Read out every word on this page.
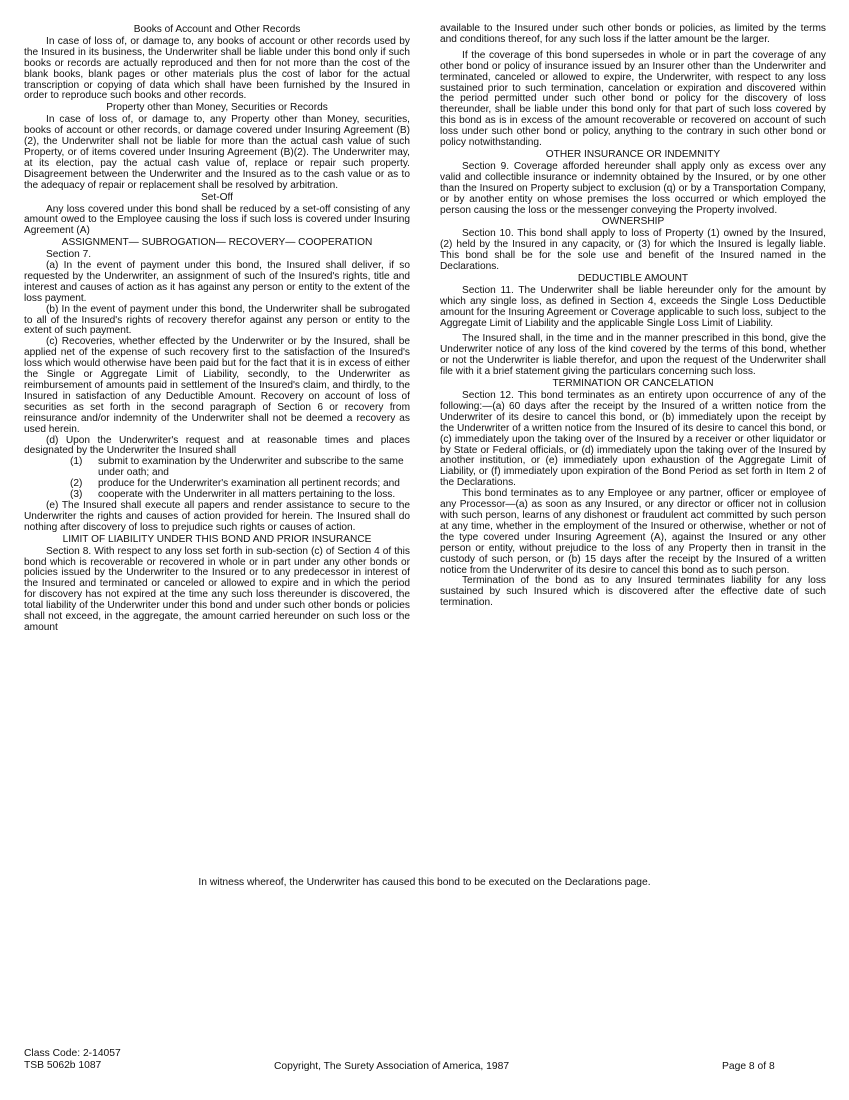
Books of Account and Other Records
In case of loss of, or damage to, any books of account or other records used by the Insured in its business, the Underwriter shall be liable under this bond only if such books or records are actually reproduced and then for not more than the cost of the blank books, blank pages or other materials plus the cost of labor for the actual transcription or copying of data which shall have been furnished by the Insured in order to reproduce such books and other records.
Property other than Money, Securities or Records
In case of loss of, or damage to, any Property other than Money, securities, books of account or other records, or damage covered under Insuring Agreement (B)(2), the Underwriter shall not be liable for more than the actual cash value of such Property, or of items covered under Insuring Agreement (B)(2). The Underwriter may, at its election, pay the actual cash value of, replace or repair such property. Disagreement between the Underwriter and the Insured as to the cash value or as to the adequacy of repair or replacement shall be resolved by arbitration.
Set-Off
Any loss covered under this bond shall be reduced by a set-off consisting of any amount owed to the Employee causing the loss if such loss is covered under Insuring Agreement (A)
ASSIGNMENT— SUBROGATION— RECOVERY— COOPERATION
Section 7.
(a) In the event of payment under this bond, the Insured shall deliver, if so requested by the Underwriter, an assignment of such of the Insured's rights, title and interest and causes of action as it has against any person or entity to the extent of the loss payment.
(b) In the event of payment under this bond, the Underwriter shall be subrogated to all of the Insured's rights of recovery therefor against any person or entity to the extent of such payment.
(c) Recoveries, whether effected by the Underwriter or by the Insured, shall be applied net of the expense of such recovery first to the satisfaction of the Insured's loss which would otherwise have been paid but for the fact that it is in excess of either the Single or Aggregate Limit of Liability, secondly, to the Underwriter as reimbursement of amounts paid in settlement of the Insured's claim, and thirdly, to the Insured in satisfaction of any Deductible Amount. Recovery on account of loss of securities as set forth in the second paragraph of Section 6 or recovery from reinsurance and/or indemnity of the Underwriter shall not be deemed a recovery as used herein.
(d) Upon the Underwriter's request and at reasonable times and places designated by the Underwriter the Insured shall
(1)	submit to examination by the Underwriter and subscribe to the same under oath; and
(2)	produce for the Underwriter's examination all pertinent records; and
(3)	cooperate with the Underwriter in all matters pertaining to the loss.
(e) The Insured shall execute all papers and render assistance to secure to the Underwriter the rights and causes of action provided for herein. The Insured shall do nothing after discovery of loss to prejudice such rights or causes of action.
LIMIT OF LIABILITY UNDER THIS BOND AND PRIOR INSURANCE
Section 8. With respect to any loss set forth in sub-section (c) of Section 4 of this bond which is recoverable or recovered in whole or in part under any other bonds or policies issued by the Underwriter to the Insured or to any predecessor in interest of the Insured and terminated or canceled or allowed to expire and in which the period for discovery has not expired at the time any such loss thereunder is discovered, the total liability of the Underwriter under this bond and under such other bonds or policies shall not exceed, in the aggregate, the amount carried hereunder on such loss or the amount
available to the Insured under such other bonds or policies, as limited by the terms and conditions thereof, for any such loss if the latter amount be the larger.
If the coverage of this bond supersedes in whole or in part the coverage of any other bond or policy of insurance issued by an Insurer other than the Underwriter and terminated, canceled or allowed to expire, the Underwriter, with respect to any loss sustained prior to such termination, cancelation or expiration and discovered within the period permitted under such other bond or policy for the discovery of loss thereunder, shall be liable under this bond only for that part of such loss covered by this bond as is in excess of the amount recoverable or recovered on account of such loss under such other bond or policy, anything to the contrary in such other bond or policy notwithstanding.
OTHER INSURANCE OR INDEMNITY
Section 9. Coverage afforded hereunder shall apply only as excess over any valid and collectible insurance or indemnity obtained by the Insured, or by one other than the Insured on Property subject to exclusion (q) or by a Transportation Company, or by another entity on whose premises the loss occurred or which employed the person causing the loss or the messenger conveying the Property involved.
OWNERSHIP
Section 10. This bond shall apply to loss of Property (1) owned by the Insured, (2) held by the Insured in any capacity, or (3) for which the Insured is legally liable. This bond shall be for the sole use and benefit of the Insured named in the Declarations.
DEDUCTIBLE AMOUNT
Section 11. The Underwriter shall be liable hereunder only for the amount by which any single loss, as defined in Section 4, exceeds the Single Loss Deductible amount for the Insuring Agreement or Coverage applicable to such loss, subject to the Aggregate Limit of Liability and the applicable Single Loss Limit of Liability.
The Insured shall, in the time and in the manner prescribed in this bond, give the Underwriter notice of any loss of the kind covered by the terms of this bond, whether or not the Underwriter is liable therefor, and upon the request of the Underwriter shall file with it a brief statement giving the particulars concerning such loss.
TERMINATION OR CANCELATION
Section 12. This bond terminates as an entirety upon occurrence of any of the following:—(a) 60 days after the receipt by the Insured of a written notice from the Underwriter of its desire to cancel this bond, or (b) immediately upon the receipt by the Underwriter of a written notice from the Insured of its desire to cancel this bond, or (c) immediately upon the taking over of the Insured by a receiver or other liquidator or by State or Federal officials, or (d) immediately upon the taking over of the Insured by another institution, or (e) immediately upon exhaustion of the Aggregate Limit of Liability, or (f) immediately upon expiration of the Bond Period as set forth in Item 2 of the Declarations.
This bond terminates as to any Employee or any partner, officer or employee of any Processor—(a) as soon as any Insured, or any director or officer not in collusion with such person, learns of any dishonest or fraudulent act committed by such person at any time, whether in the employment of the Insured or otherwise, whether or not of the type covered under Insuring Agreement (A), against the Insured or any other person or entity, without prejudice to the loss of any Property then in transit in the custody of such person, or (b) 15 days after the receipt by the Insured of a written notice from the Underwriter of its desire to cancel this bond as to such person.
Termination of the bond as to any Insured terminates liability for any loss sustained by such Insured which is discovered after the effective date of such termination.
In witness whereof, the Underwriter has caused this bond to be executed on the Declarations page.
Class Code: 2-14057
TSB 5062b 1087	Copyright, The Surety Association of America, 1987	Page 8 of 8
